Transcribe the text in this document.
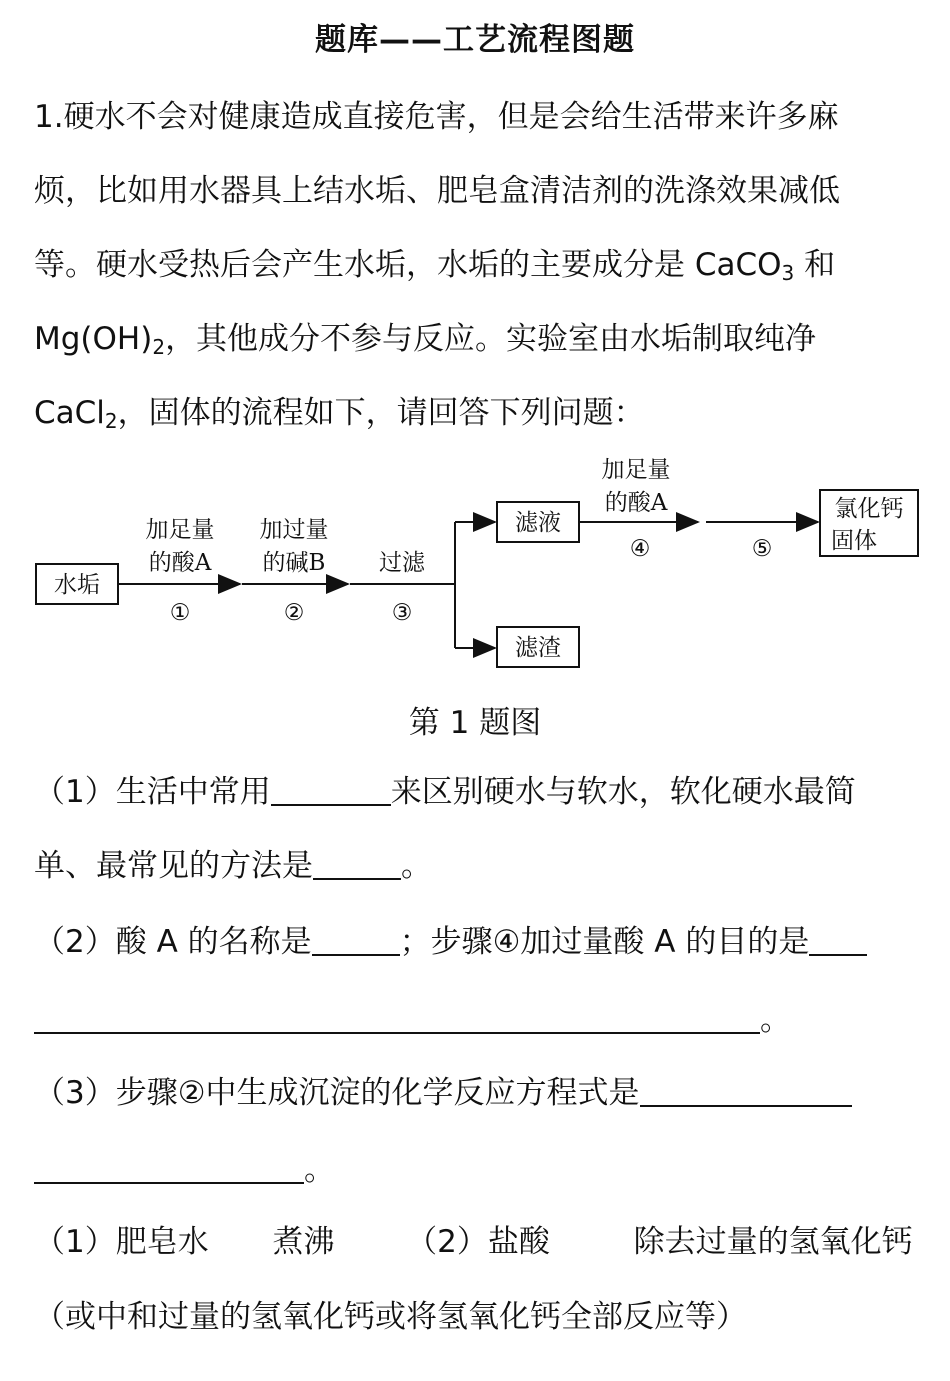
题库——工艺流程图题
1.硬水不会对健康造成直接危害，但是会给生活带来许多麻
烦，比如用水器具上结水垢、肥皂盒清洁剂的洗涤效果减低
等。硬水受热后会产生水垢，水垢的主要成分是 CaCO$_3$ 和
$Mg(OH)_2$，其他成分不参与反应。实验室由水垢制取纯净
CaCl$_2$，固体的流程如下，请回答下列问题：
水垢
加足量
的酸A
①
加过量
的碱B
②
过滤
③
滤液
滤渣
加足量
的酸A
④	⑤
氯化钙
固体
第 1 题图
（1）生活中常用	来区别硬水与软水，软化硬水最简
单、最常见的方法是	。
（2）酸 A 的名称是	；步骤④加过量酸 A 的目的是
。
（3）步骤②中生成沉淀的化学反应方程式是
。
（1）肥皂水 煮沸 （2）盐酸	除去过量的氢氧化钙
（或中和过量的氢氧化钙或将氢氧化钙全部反应等）
